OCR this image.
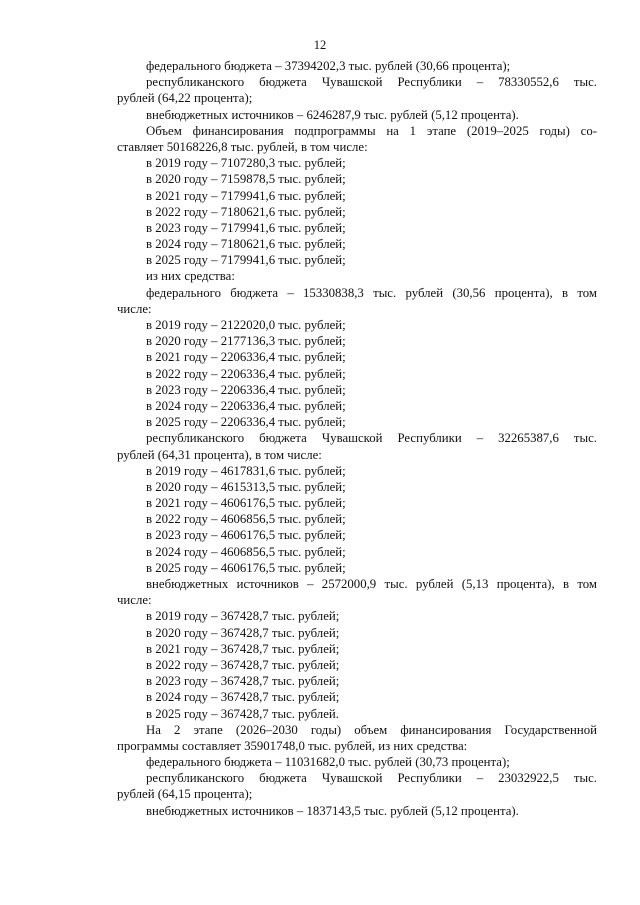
12
федерального бюджета – 37394202,3 тыс. рублей (30,66 процента);
республиканского бюджета Чувашской Республики – 78330552,6 тыс.
рублей (64,22 процента);
внебюджетных источников – 6246287,9 тыс. рублей (5,12 процента).
Объем финансирования подпрограммы на 1 этапе (2019–2025 годы) со-
ставляет 50168226,8 тыс. рублей, в том числе:
в 2019 году – 7107280,3 тыс. рублей;
в 2020 году – 7159878,5 тыс. рублей;
в 2021 году – 7179941,6 тыс. рублей;
в 2022 году – 7180621,6 тыс. рублей;
в 2023 году – 7179941,6 тыс. рублей;
в 2024 году – 7180621,6 тыс. рублей;
в 2025 году – 7179941,6 тыс. рублей;
из них средства:
федерального бюджета – 15330838,3 тыс. рублей (30,56 процента), в том
числе:
в 2019 году – 2122020,0 тыс. рублей;
в 2020 году – 2177136,3 тыс. рублей;
в 2021 году – 2206336,4 тыс. рублей;
в 2022 году – 2206336,4 тыс. рублей;
в 2023 году – 2206336,4 тыс. рублей;
в 2024 году – 2206336,4 тыс. рублей;
в 2025 году – 2206336,4 тыс. рублей;
республиканского бюджета Чувашской Республики – 32265387,6 тыс.
рублей (64,31 процента), в том числе:
в 2019 году – 4617831,6 тыс. рублей;
в 2020 году – 4615313,5 тыс. рублей;
в 2021 году – 4606176,5 тыс. рублей;
в 2022 году – 4606856,5 тыс. рублей;
в 2023 году – 4606176,5 тыс. рублей;
в 2024 году – 4606856,5 тыс. рублей;
в 2025 году – 4606176,5 тыс. рублей;
внебюджетных источников – 2572000,9 тыс. рублей (5,13 процента), в том
числе:
в 2019 году – 367428,7 тыс. рублей;
в 2020 году – 367428,7 тыс. рублей;
в 2021 году – 367428,7 тыс. рублей;
в 2022 году – 367428,7 тыс. рублей;
в 2023 году – 367428,7 тыс. рублей;
в 2024 году – 367428,7 тыс. рублей;
в 2025 году – 367428,7 тыс. рублей.
На 2 этапе (2026–2030 годы) объем финансирования Государственной
программы составляет 35901748,0 тыс. рублей, из них средства:
федерального бюджета – 11031682,0 тыс. рублей (30,73 процента);
республиканского бюджета Чувашской Республики – 23032922,5 тыс.
рублей (64,15 процента);
внебюджетных источников – 1837143,5 тыс. рублей (5,12 процента).
